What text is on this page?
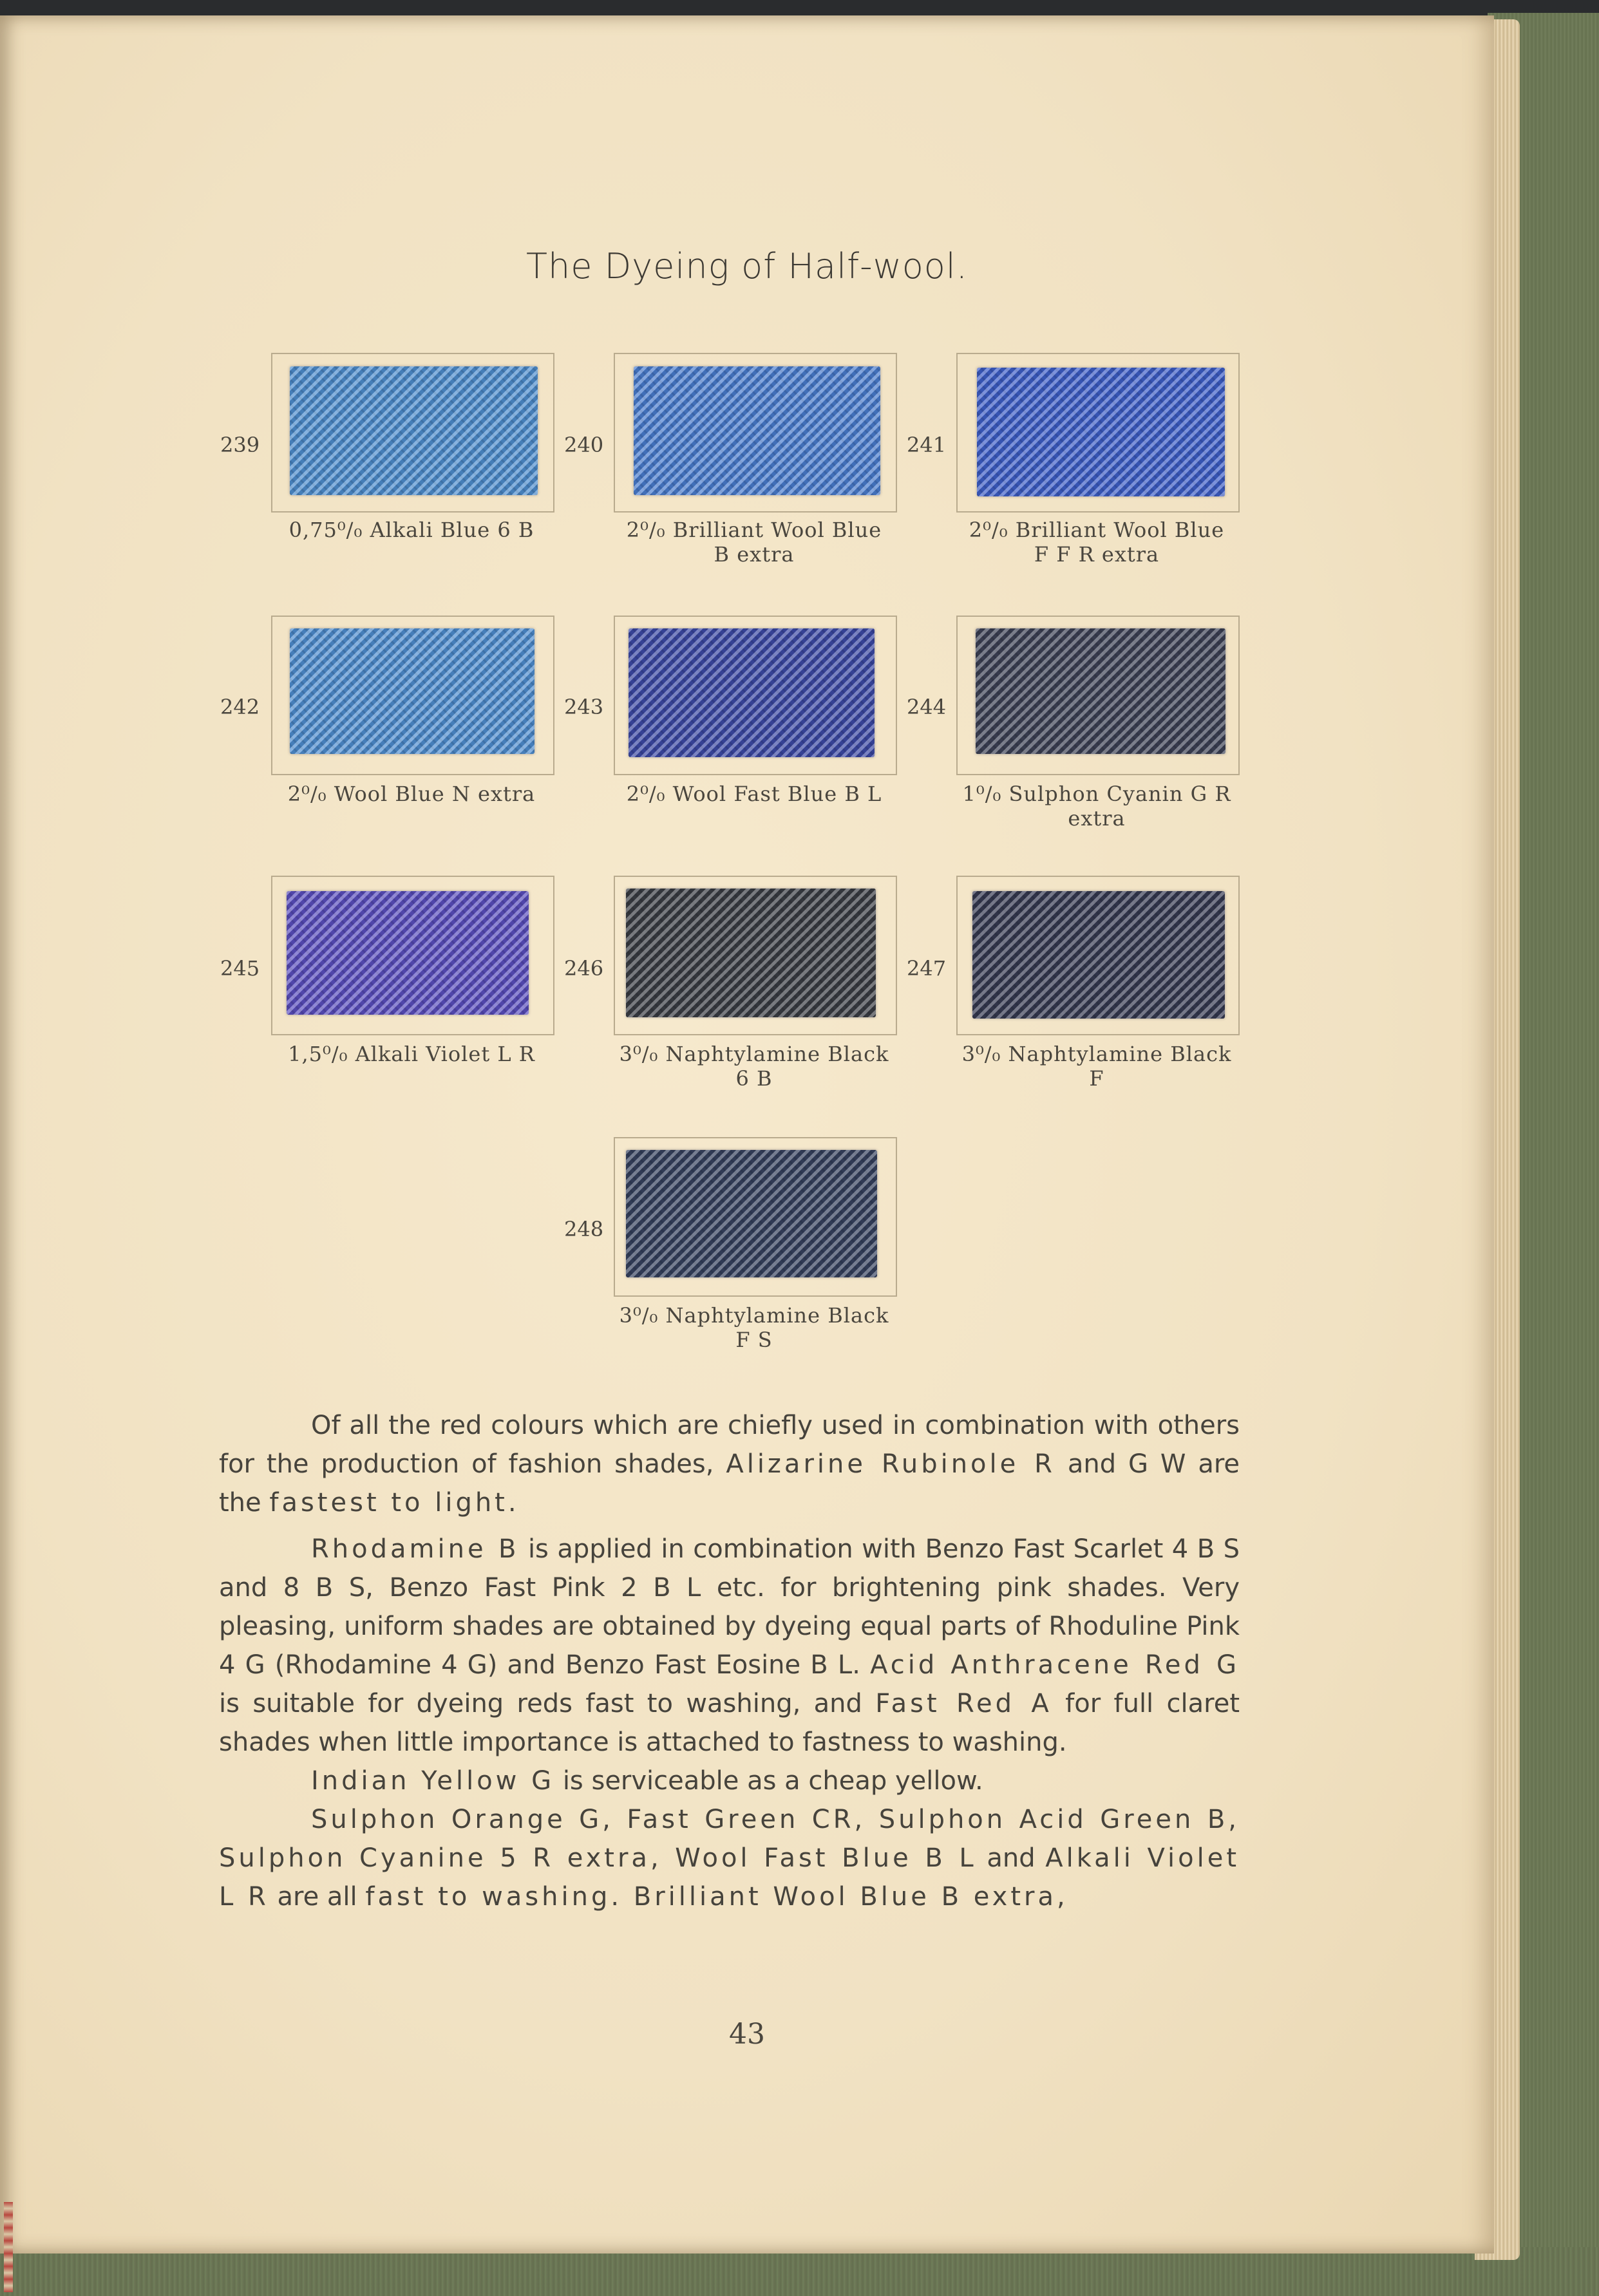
The Dyeing of Half-wool.
239
0,75⁰/₀ Alkali Blue 6 B
240
2⁰/₀ Brilliant Wool Blue
B extra
241
2⁰/₀ Brilliant Wool Blue
F F R extra
242
2⁰/₀ Wool Blue N extra
243
2⁰/₀ Wool Fast Blue B L
244
1⁰/₀ Sulphon Cyanin G R
extra
245
1,5⁰/₀ Alkali Violet L R
246
3⁰/₀ Naphtylamine Black
6 B
247
3⁰/₀ Naphtylamine Black
F
248
3⁰/₀ Naphtylamine Black
F S

Of all the red colours which are chiefly used in combination with others for the production of fashion shades, Alizarine Rubinole R and G W are the fastest to light.

Rhodamine B is applied in combination with Benzo Fast Scarlet 4 B S and 8 B S, Benzo Fast Pink 2 B L etc. for brightening pink shades. Very pleasing, uniform shades are obtained by dyeing equal parts of Rhoduline Pink 4 G (Rhodamine 4 G) and Benzo Fast Eosine B L. Acid Anthracene Red G is suitable for dyeing reds fast to washing, and Fast Red A for full claret shades when little importance is attached to fastness to washing.

Indian Yellow G is serviceable as a cheap yellow.

Sulphon Orange G, Fast Green CR, Sulphon Acid Green B, Sulphon Cyanine 5 R extra, Wool Fast Blue B L and Alkali Violet L R are all fast to washing. Brilliant Wool Blue B extra,

43
